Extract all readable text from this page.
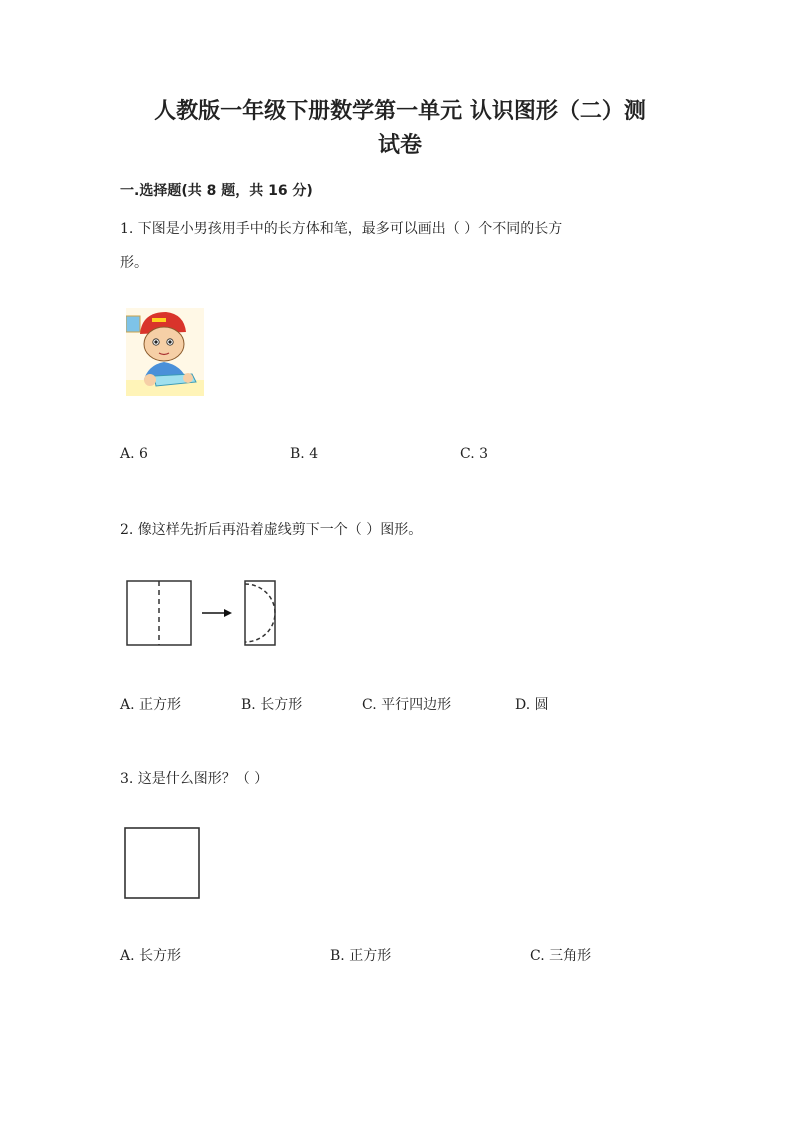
人教版一年级下册数学第一单元 认识图形（二）测
试卷
一.选择题(共 8 题，共 16 分)
1. 下图是小男孩用手中的长方体和笔，最多可以画出（ ）个不同的长方
形。
A. 6	B. 4	C. 3
2. 像这样先折后再沿着虚线剪下一个（ ）图形。
A. 正方形	B. 长方形	C. 平行四边形	D. 圆
3. 这是什么图形？（ ）
A. 长方形	B. 正方形	C. 三角形
